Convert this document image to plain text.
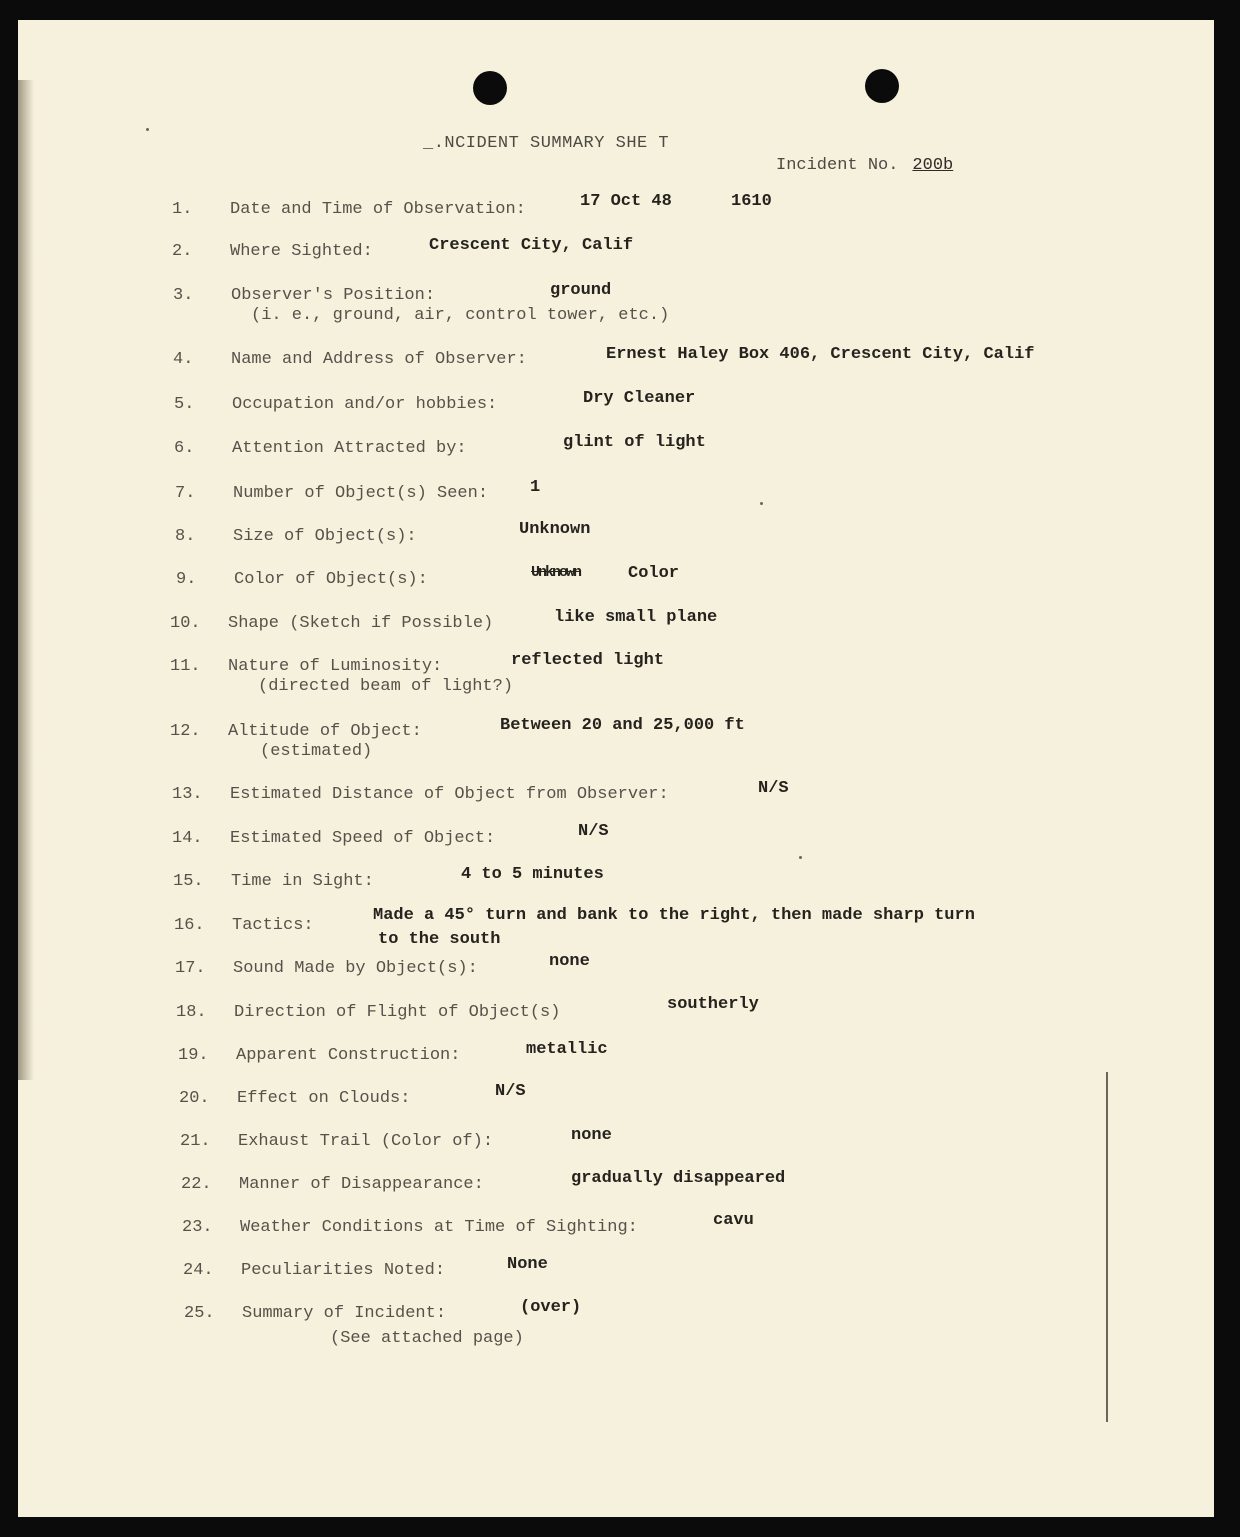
_.NCIDENT SUMMARY SHE T
Incident No. 200b
1.	Date and Time of Observation:	17 Oct 48	1610
2.	Where Sighted:	Crescent City, Calif
3.	Observer's Position:
(i. e., ground, air, control tower, etc.)
ground
4.	Name and Address of Observer:	Ernest Haley Box 406, Crescent City, Calif
5.	Occupation and/or hobbies:	Dry Cleaner
6.	Attention Attracted by:	glint of light
7.	Number of Object(s) Seen: 1
8.	Size of Object(s):	Unknown
9.	Color of Object(s):	Unknown	Color
10.	Shape (Sketch if Possible)	like small plane
11.	Nature of Luminosity:
(directed beam of light?)
reflected light
12.	Altitude of Object:
(estimated)
Between 20 and 25,000 ft
13.	Estimated Distance of Object from Observer:	N/S
14.	Estimated Speed of Object:	N/S
15.	Time in Sight:	4 to 5 minutes
16.	Tactics:
Made a 45° turn and bank to the right, then made sharp turn
to the south
17.	Sound Made by Object(s):	none
18.	Direction of Flight of Object(s)	southerly
19.	Apparent Construction:	metallic
20.	Effect on Clouds:	N/S
21.	Exhaust Trail (Color of):	none
22.	Manner of Disappearance:	gradually disappeared
23.	Weather Conditions at Time of Sighting:	cavu
24.	Peculiarities Noted:	None
25.	Summary of Incident:
(See attached page)
(over)
